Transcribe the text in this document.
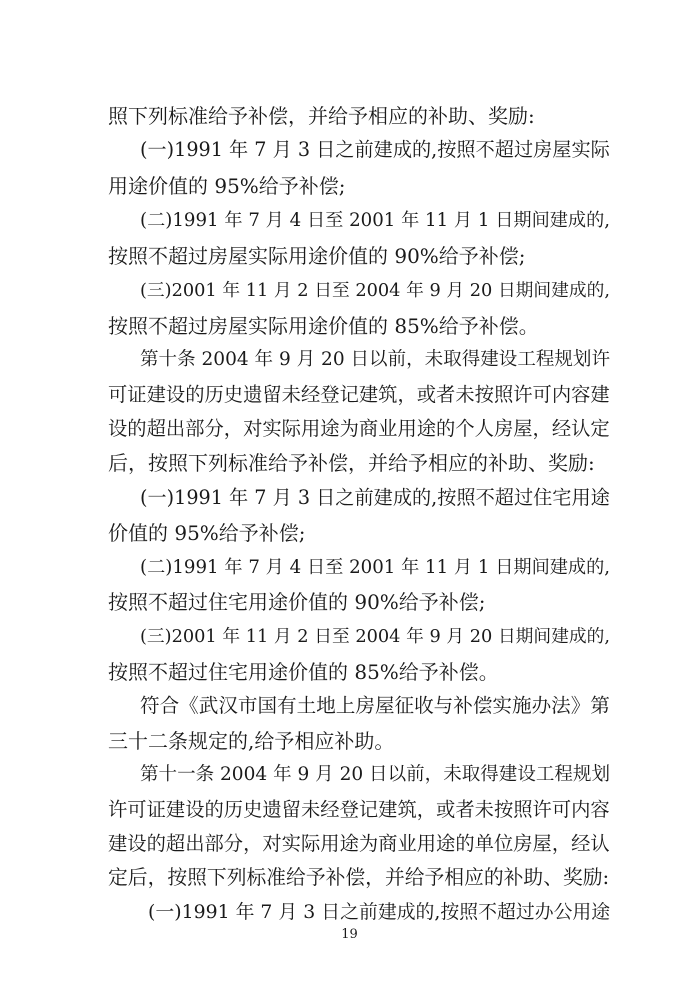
照下列标准给予补偿，并给予相应的补助、奖励:
(一)1991 年 7 月 3 日之前建成的,按照不超过房屋实际
用途价值的 95%给予补偿;
(二)1991 年 7 月 4 日至 2001 年 11 月 1 日期间建成的,
按照不超过房屋实际用途价值的 90%给予补偿;
(三)2001 年 11 月 2 日至 2004 年 9 月 20 日期间建成的,
按照不超过房屋实际用途价值的 85%给予补偿。
第十条 2004 年 9 月 20 日以前，未取得建设工程规划许
可证建设的历史遗留未经登记建筑，或者未按照许可内容建
设的超出部分，对实际用途为商业用途的个人房屋，经认定
后，按照下列标准给予补偿，并给予相应的补助、奖励:
(一)1991 年 7 月 3 日之前建成的,按照不超过住宅用途
价值的 95%给予补偿;
(二)1991 年 7 月 4 日至 2001 年 11 月 1 日期间建成的,
按照不超过住宅用途价值的 90%给予补偿;
(三)2001 年 11 月 2 日至 2004 年 9 月 20 日期间建成的,
按照不超过住宅用途价值的 85%给予补偿。
符合《武汉市国有土地上房屋征收与补偿实施办法》第
三十二条规定的,给予相应补助。
第十一条 2004 年 9 月 20 日以前，未取得建设工程规划
许可证建设的历史遗留未经登记建筑，或者未按照许可内容
建设的超出部分，对实际用途为商业用途的单位房屋，经认
定后，按照下列标准给予补偿，并给予相应的补助、奖励:
(一)1991 年 7 月 3 日之前建成的,按照不超过办公用途
19
